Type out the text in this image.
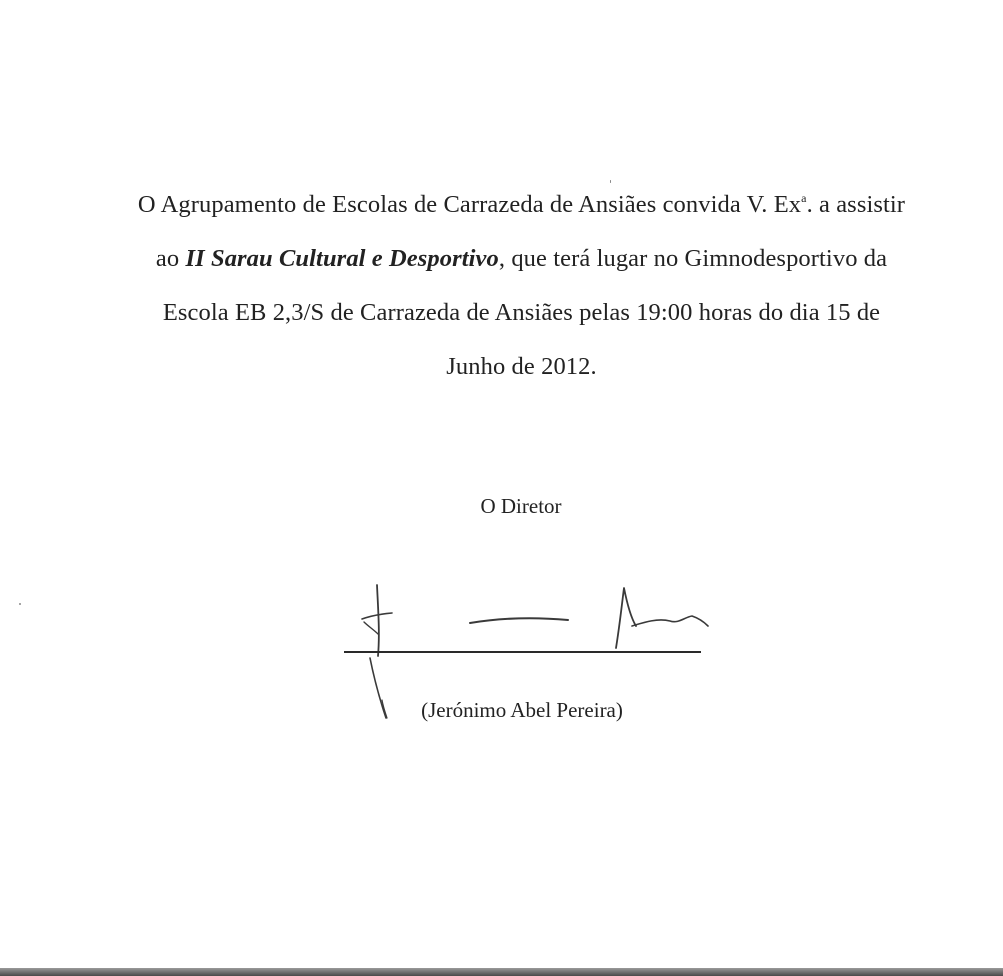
O Agrupamento de Escolas de Carrazeda de Ansiães convida V. Ex$^a$. a assistir
ao II Sarau Cultural e Desportivo, que terá lugar no Gimnodesportivo da
Escola EB 2,3/S de Carrazeda de Ansiães pelas 19:00 horas do dia 15 de
Junho de 2012.

O Diretor
(Jerónimo Abel Pereira)
